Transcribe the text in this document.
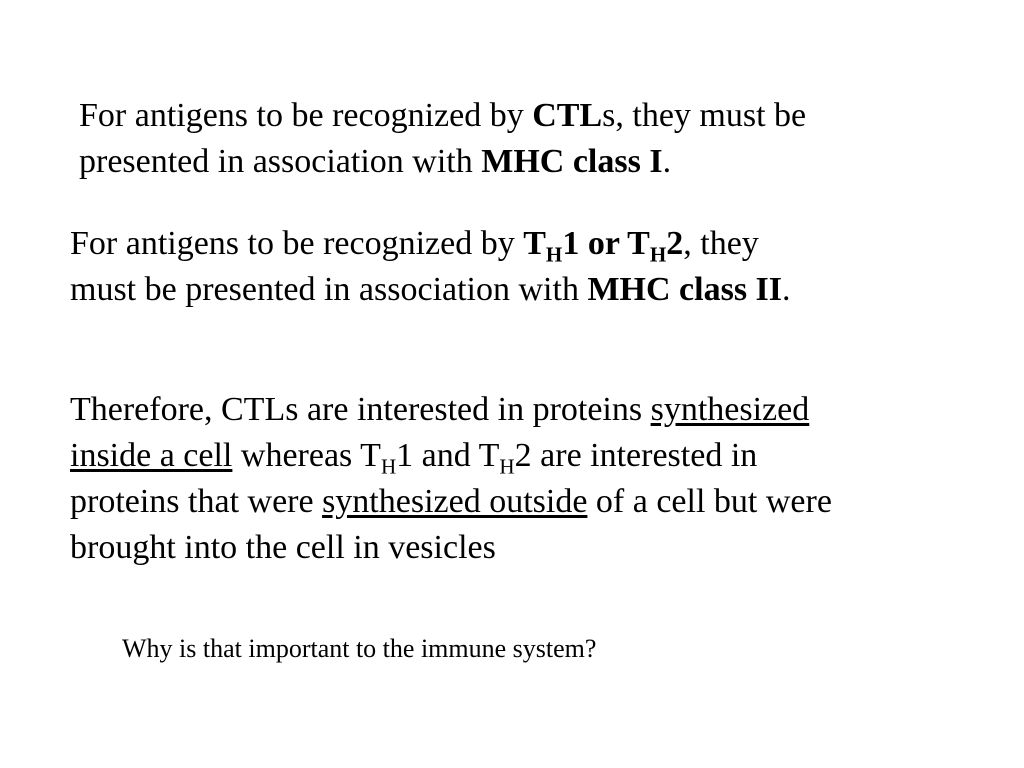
For antigens to be recognized by CTLs, they must be
presented in association with MHC class I.

For antigens to be recognized by $T_H1$ or $T_H2$, they
must be presented in association with MHC class II.

Therefore, CTLs are interested in proteins synthesized
inside a cell whereas $T_H1$ and $T_H2$ are interested in
proteins that were synthesized outside of a cell but were
brought into the cell in vesicles

Why is that important to the immune system?
